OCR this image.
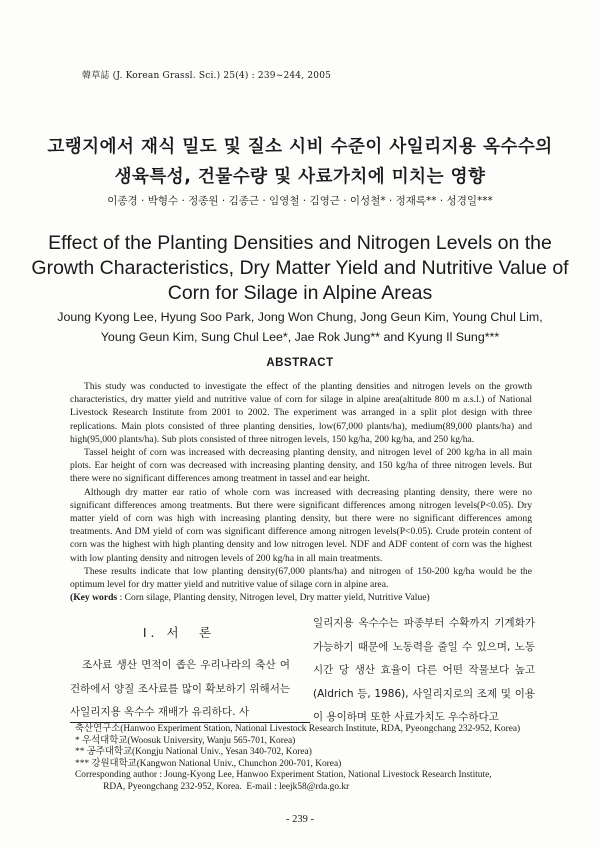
韓草誌 (J. Korean Grassl. Sci.) 25(4) : 239~244, 2005
고랭지에서 재식 밀도 및 질소 시비 수준이 사일리지용 옥수수의
생육특성, 건물수량 및 사료가치에 미치는 영향
이종경 · 박형수 · 정종원 · 김종근 · 임영철 · 김영근 · 이성철* · 정재록** · 성경일***
Effect of the Planting Densities and Nitrogen Levels on the
Growth Characteristics, Dry Matter Yield and Nutritive Value of
Corn for Silage in Alpine Areas
Joung Kyong Lee, Hyung Soo Park, Jong Won Chung, Jong Geun Kim, Young Chul Lim,
Young Geun Kim, Sung Chul Lee*, Jae Rok Jung** and Kyung Il Sung***
ABSTRACT

This study was conducted to investigate the effect of the planting densities and nitrogen levels on the growth characteristics, dry matter yield and nutritive value of corn for silage in alpine area(altitude 800 m a.s.l.) of National Livestock Research Institute from 2001 to 2002. The experiment was arranged in a split plot design with three replications. Main plots consisted of three planting densities, low(67,000 plants/ha), medium(89,000 plants/ha) and high(95,000 plants/ha). Sub plots consisted of three nitrogen levels, 150 kg/ha, 200 kg/ha, and 250 kg/ha.

Tassel height of corn was increased with decreasing planting density, and nitrogen level of 200 kg/ha in all main plots. Ear height of corn was decreased with increasing planting density, and 150 kg/ha of three nitrogen levels. But there were no significant differences among treatment in tassel and ear height.

Although dry matter ear ratio of whole corn was increased with decreasing planting density, there were no significant differences among treatments. But there were significant differences among nitrogen levels(P<0.05). Dry matter yield of corn was high with increasing planting density, but there were no significant differences among treatments. And DM yield of corn was significant difference among nitrogen levels(P<0.05). Crude protein content of corn was the highest with high planting density and low nitrogen level. NDF and ADF content of corn was the highest with low planting density and nitrogen levels of 200 kg/ha in all main treatments.

These results indicate that low planting density(67,000 plants/ha) and nitrogen of 150-200 kg/ha would be the optimum level for dry matter yield and nutritive value of silage corn in alpine area.

(Key words : Corn silage, Planting density, Nitrogen level, Dry matter yield, Nutritive Value)

Ⅰ. 서　론

조사료 생산 면적이 좁은 우리나라의 축산 여건하에서 양질 조사료를 많이 확보하기 위해서는 사일리지용 옥수수 재배가 유리하다. 사

일리지용 옥수수는 파종부터 수확까지 기계화가 가능하기 때문에 노동력을 줄일 수 있으며, 노동시간 당 생산 효율이 다른 어떤 작물보다 높고(Aldrich 등, 1986), 사일리지로의 조제 및 이용이 용이하며 또한 사료가치도 우수하다고

축산연구소(Hanwoo Experiment Station, National Livestock Research Institute, RDA, Pyeongchang 232-952, Korea)

* 우석대학교(Woosuk University, Wanju 565-701, Korea)

** 공주대학교(Kongju National Univ., Yesan 340-702, Korea)

*** 강원대학교(Kangwon National Univ., Chunchon 200-701, Korea)

Corresponding author : Joung-Kyong Lee, Hanwoo Experiment Station, National Livestock Research Institute,

RDA, Pyeongchang 232-952, Korea.  E-mail : leejk58@rda.go.kr

- 239 -
